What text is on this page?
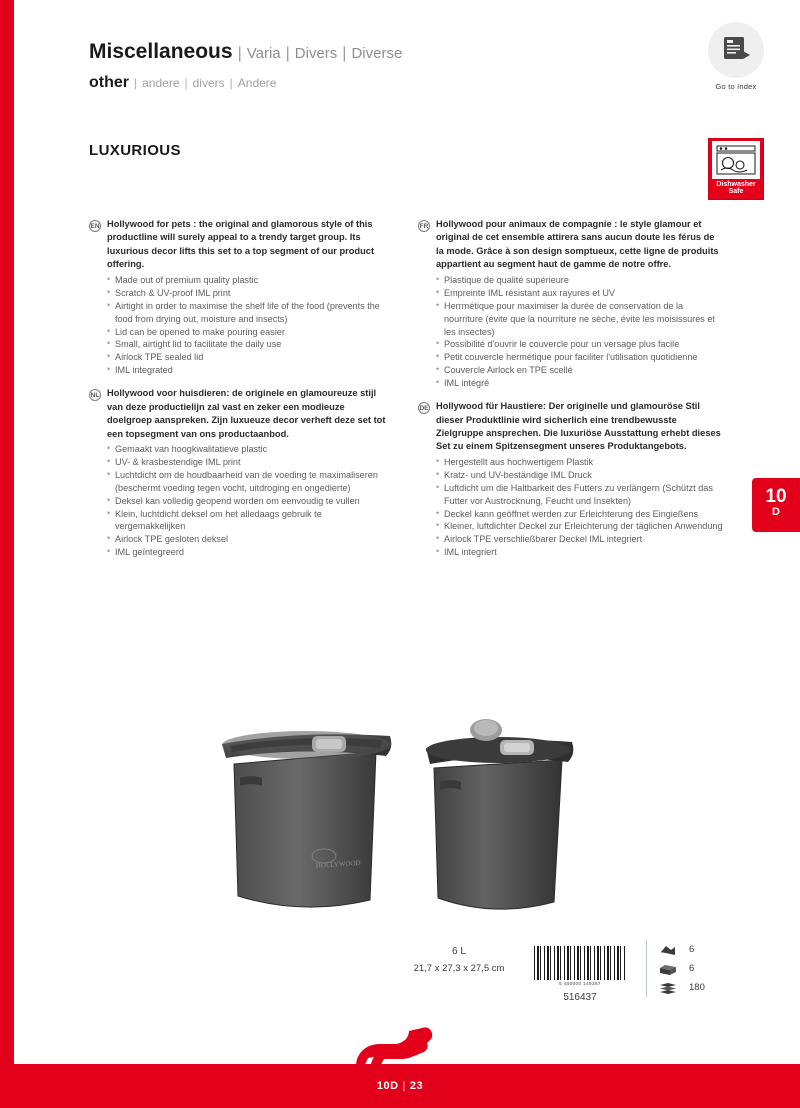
Miscellaneous | Varia | Divers | Diverse
other | andere | divers | Andere	Go to Index
LUXURIOUS
Dishwasher
Safe
EN Hollywood for pets : the original and glamorous style of this productline will surely appeal to a trendy target group. Its luxurious decor lifts this set to a top segment of our product offering.
• Made out of premium quality plastic
• Scratch & UV-proof IML print
• Airtight in order to maximise the shelf life of the food (prevents the food from drying out, moisture and insects)
• Lid can be opened to make pouring easier
• Small, airtight lid to facilitate the daily use
• Airlock TPE sealed lid
• IML integrated
NL Hollywood voor huisdieren: de originele en glamoureuze stijl van deze productielijn zal vast en zeker een modieuze doelgroep aanspreken. Zijn luxueuze decor verheft deze set tot een topsegment van ons productaanbod.
• Gemaakt van hoogkwalitatieve plastic
• UV- & krasbestendige IML print
• Luchtdicht om de houdbaarheid van de voeding te maximaliseren (beschermt voeding tegen vocht, uitdroging en ongedierte)
• Deksel kan volledig geopend worden om eenvoudig te vullen
• Klein, luchtdicht deksel om het alledaags gebruik te vergemakkelijken
• Airlock TPE gesloten deksel
• IML geïntegreerd
FR Hollywood pour animaux de compagnie : le style glamour et original de cet ensemble attirera sans aucun doute les férus de la mode. Grâce à son design somptueux, cette ligne de produits appartient au segment haut de gamme de notre offre.
• Plastique de qualité supérieure
• Empreinte IML résistant aux rayures et UV
• Herrmétique pour maximiser la durée de conservation de la nourriture (évite que la nourriture ne sèche, évite les moisissures et les insectes)
• Possibilité d'ouvrir le couvercle pour un versage plus facile
• Petit couvercle hermétique pour faciliter l'utilisation quotidienne
• Couvercle Airlock en TPE scellé
• IML intégré
DE Hollywood für Haustiere: Der originelle und glamouröse Stil dieser Produktlinie wird sicherlich eine trendbewusste Zielgruppe ansprechen. Die luxuriöse Ausstattung erhebt dieses Set zu einem Spitzensegment unseres Produktangebots.
• Hergestellt aus hochwertigem Plastik
• Kratz- und UV-beständige IML Druck
• Luftdicht um die Haltbarkeit des Futters zu verlängern (Schützt das Futter vor Austrocknung, Feucht und Insekten)
• Deckel kann geöffnet werden zur Erleichterung des Eingießens
• Kleiner, luftdichter Deckel zur Erleichterung der täglichen Anwendung
• Airlock TPE verschließbarer Deckel IML integriert
• IML integriert
10
D
HOLLYWOOD
6 L
21,7 x 27,3 x 27,5 cm
5 400000 149367
516437
6
6
180
10D | 23
